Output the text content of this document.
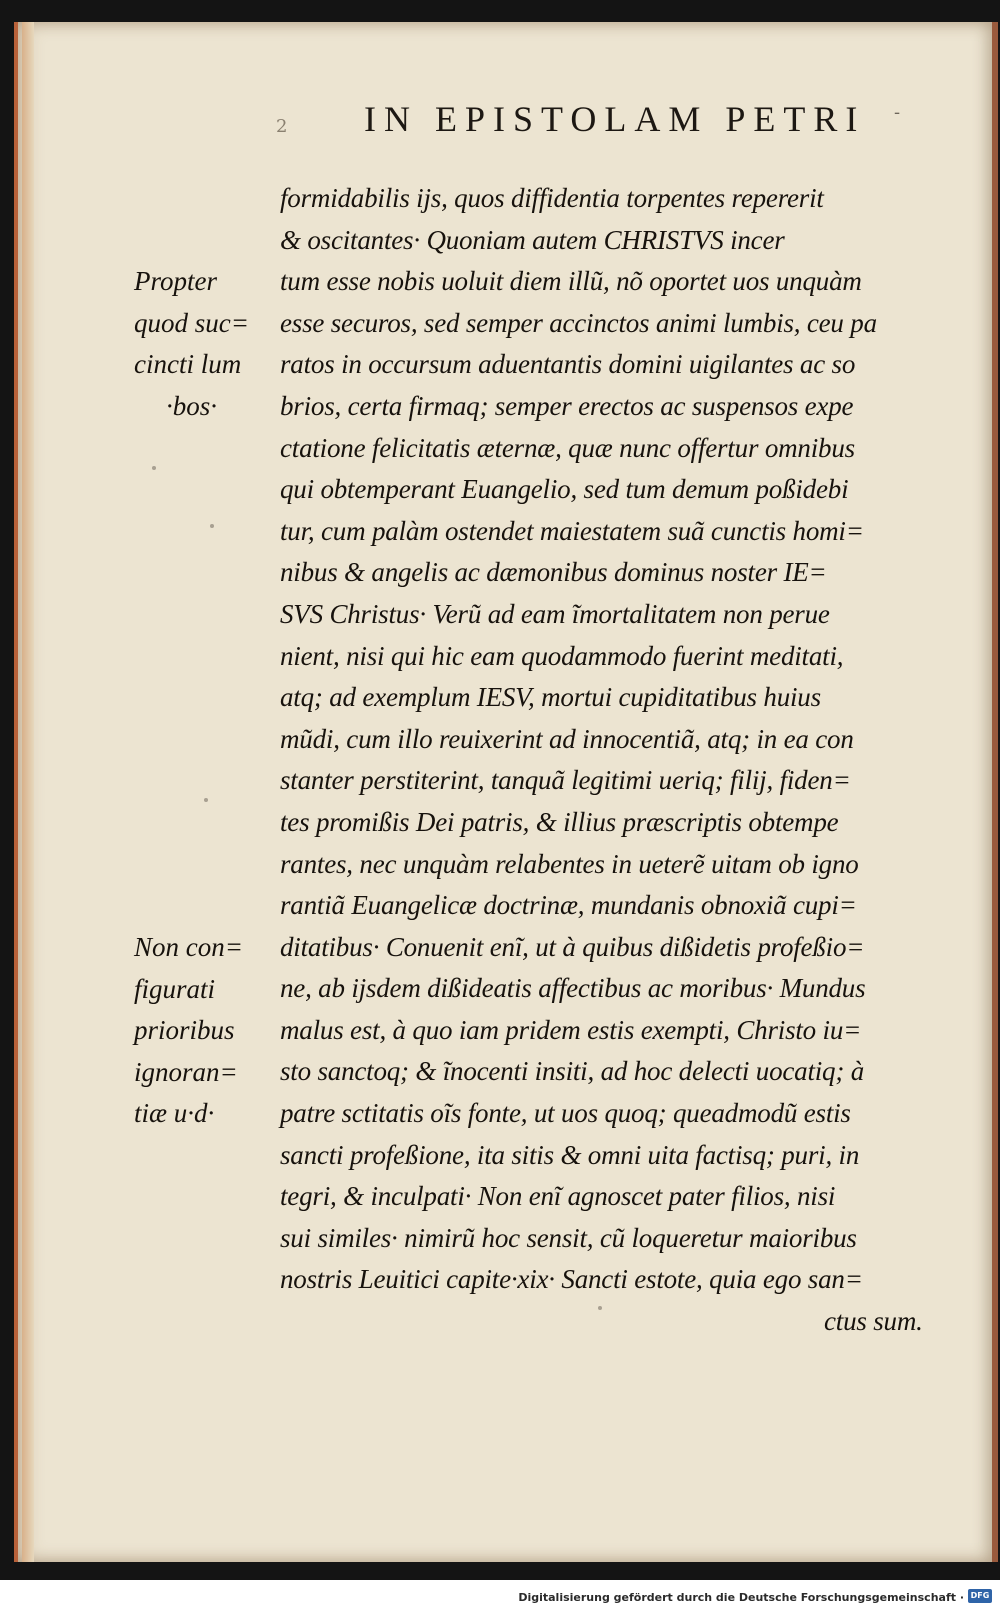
2 IN EPISTOLAM PETRI -
Propter
quod suc=
cincti lum
·bos·
Non con=
figurati
prioribus
ignoran=
tiæ u·d·
formidabilis ijs, quos diffidentia torpentes repererit
& oscitantes· Quoniam autem CHRISTVS incer
tum esse nobis uoluit diem illũ, nõ oportet uos unquàm
esse securos, sed semper accinctos animi lumbis, ceu pa
ratos in occursum aduentantis domini uigilantes ac so
brios, certa firmaq; semper erectos ac suspensos expe
ctatione felicitatis æternæ, quæ nunc offertur omnibus
qui obtemperant Euangelio, sed tum demum poßidebi
tur, cum palàm ostendet maiestatem suã cunctis homi=
nibus & angelis ac dæmonibus dominus noster IE=
SVS Christus· Verũ ad eam ĩmortalitatem non perue
nient, nisi qui hic eam quodammodo fuerint meditati,
atq; ad exemplum IESV, mortui cupiditatibus huius
mũdi, cum illo reuixerint ad innocentiã, atq; in ea con
stanter perstiterint, tanquã legitimi ueriq; filij, fiden=
tes promißis Dei patris, & illius præscriptis obtempe
rantes, nec unquàm relabentes in ueterẽ uitam ob igno
rantiã Euangelicæ doctrinæ, mundanis obnoxiã cupi=
ditatibus· Conuenit enĩ, ut à quibus dißidetis profeßio=
ne, ab ijsdem dißideatis affectibus ac moribus· Mundus
malus est, à quo iam pridem estis exempti, Christo iu=
sto sanctoq; & ĩnocenti insiti, ad hoc delecti uocatiq; à
patre sctitatis oĩs fonte, ut uos quoq; queadmodũ estis
sancti profeßione, ita sitis & omni uita factisq; puri, in
tegri, & inculpati· Non enĩ agnoscet pater filios, nisi
sui similes· nimirũ hoc sensit, cũ loqueretur maioribus
nostris Leuitici capite·xix· Sancti estote, quia ego san=
ctus sum.
Digitalisierung gefördert durch die Deutsche Forschungsgemeinschaft · DFG
